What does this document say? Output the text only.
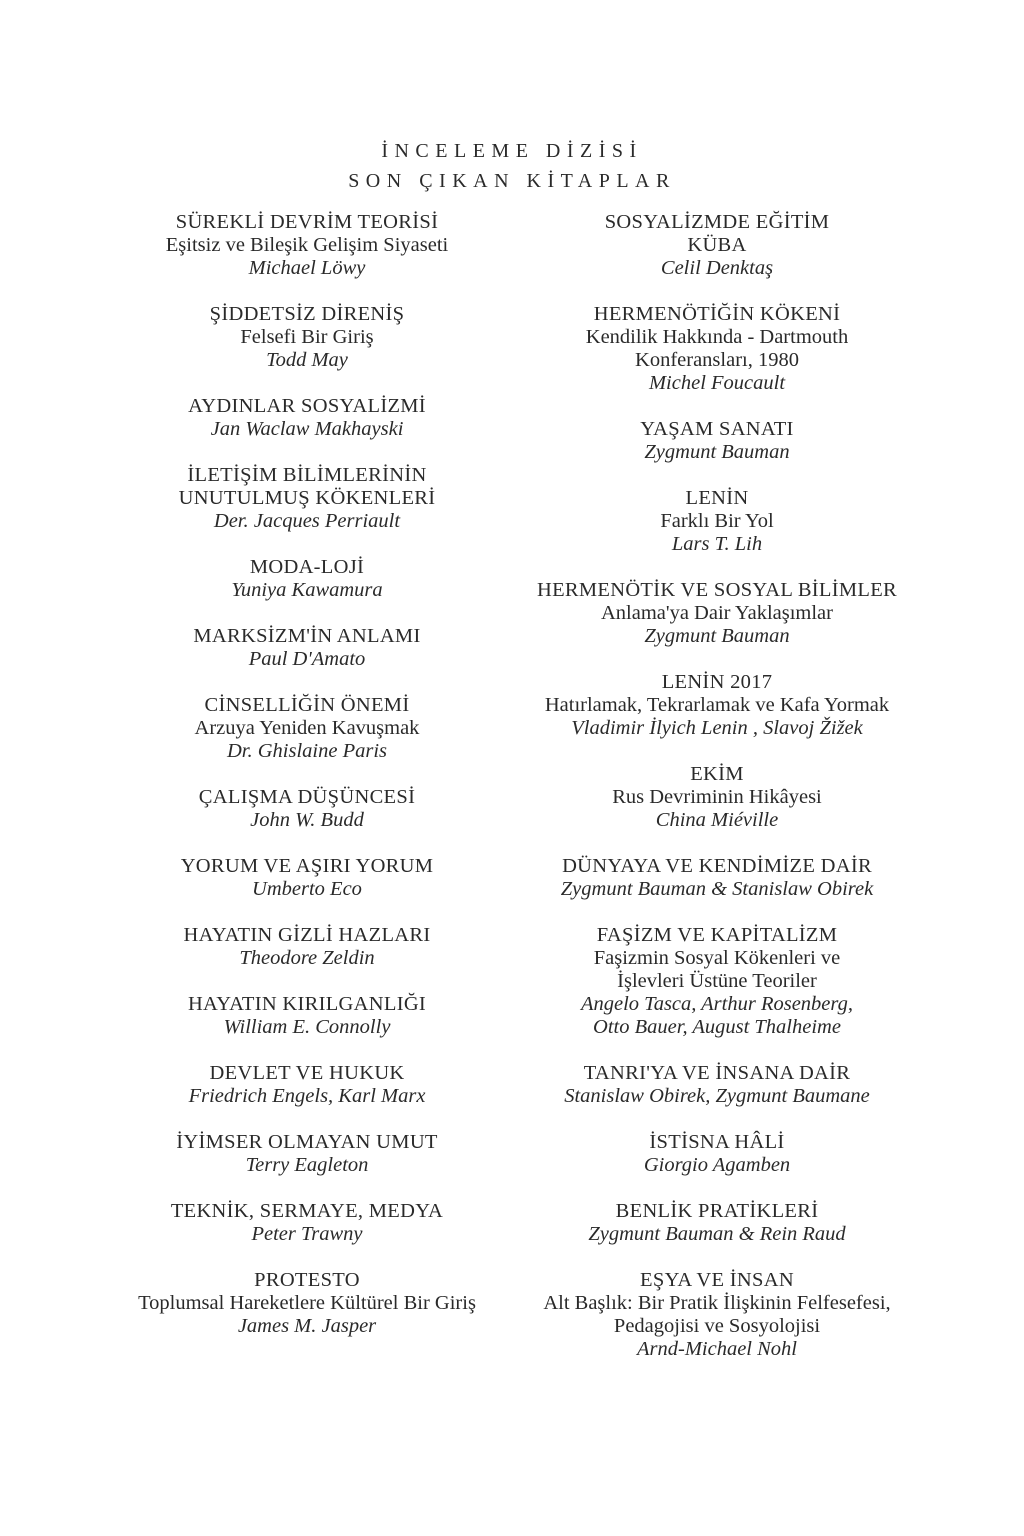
İNCELEME DİZİSİ
SON ÇIKAN KİTAPLAR
SÜREKLİ DEVRİM TEORİSİ
Eşitsiz ve Bileşik Gelişim Siyaseti
Michael Löwy
ŞİDDETSİZ DİRENİŞ
Felsefi Bir Giriş
Todd May
AYDINLAR SOSYALİZMİ
Jan Waclaw Makhayski
İLETİŞİM BİLİMLERİNİN
UNUTULMUŞ KÖKENLERİ
Der. Jacques Perriault
MODA-LOJİ
Yuniya Kawamura
MARKSİZM'İN ANLAMI
Paul D'Amato
CİNSELLİĞİN ÖNEMİ
Arzuya Yeniden Kavuşmak
Dr. Ghislaine Paris
ÇALIŞMA DÜŞÜNCESİ
John W. Budd
YORUM VE AŞIRI YORUM
Umberto Eco
HAYATIN GİZLİ HAZLARI
Theodore Zeldin
HAYATIN KIRILGANLIĞI
William E. Connolly
DEVLET VE HUKUK
Friedrich Engels, Karl Marx
İYİMSER OLMAYAN UMUT
Terry Eagleton
TEKNİK, SERMAYE, MEDYA
Peter Trawny
PROTESTO
Toplumsal Hareketlere Kültürel Bir Giriş
James M. Jasper
SOSYALİZMDE EĞİTİM
KÜBA
Celil Denktaş
HERMENÖTİĞİN KÖKENİ
Kendilik Hakkında - Dartmouth
Konferansları, 1980
Michel Foucault
YAŞAM SANATI
Zygmunt Bauman
LENİN
Farklı Bir Yol
Lars T. Lih
HERMENÖTİK VE SOSYAL BİLİMLER
Anlama'ya Dair Yaklaşımlar
Zygmunt Bauman
LENİN 2017
Hatırlamak, Tekrarlamak ve Kafa Yormak
Vladimir İlyich Lenin , Slavoj Žižek
EKİM
Rus Devriminin Hikâyesi
China Miéville
DÜNYAYA VE KENDİMİZE DAİR
Zygmunt Bauman & Stanislaw Obirek
FAŞİZM VE KAPİTALİZM
Faşizmin Sosyal Kökenleri ve
İşlevleri Üstüne Teoriler
Angelo Tasca, Arthur Rosenberg,
Otto Bauer, August Thalheime
TANRI'YA VE İNSANA DAİR
Stanislaw Obirek, Zygmunt Baumane
İSTİSNA HÂLİ
Giorgio Agamben
BENLİK PRATİKLERİ
Zygmunt Bauman & Rein Raud
EŞYA VE İNSAN
Alt Başlık: Bir Pratik İlişkinin Felfesefesi,
Pedagojisi ve Sosyolojisi
Arnd-Michael Nohl
